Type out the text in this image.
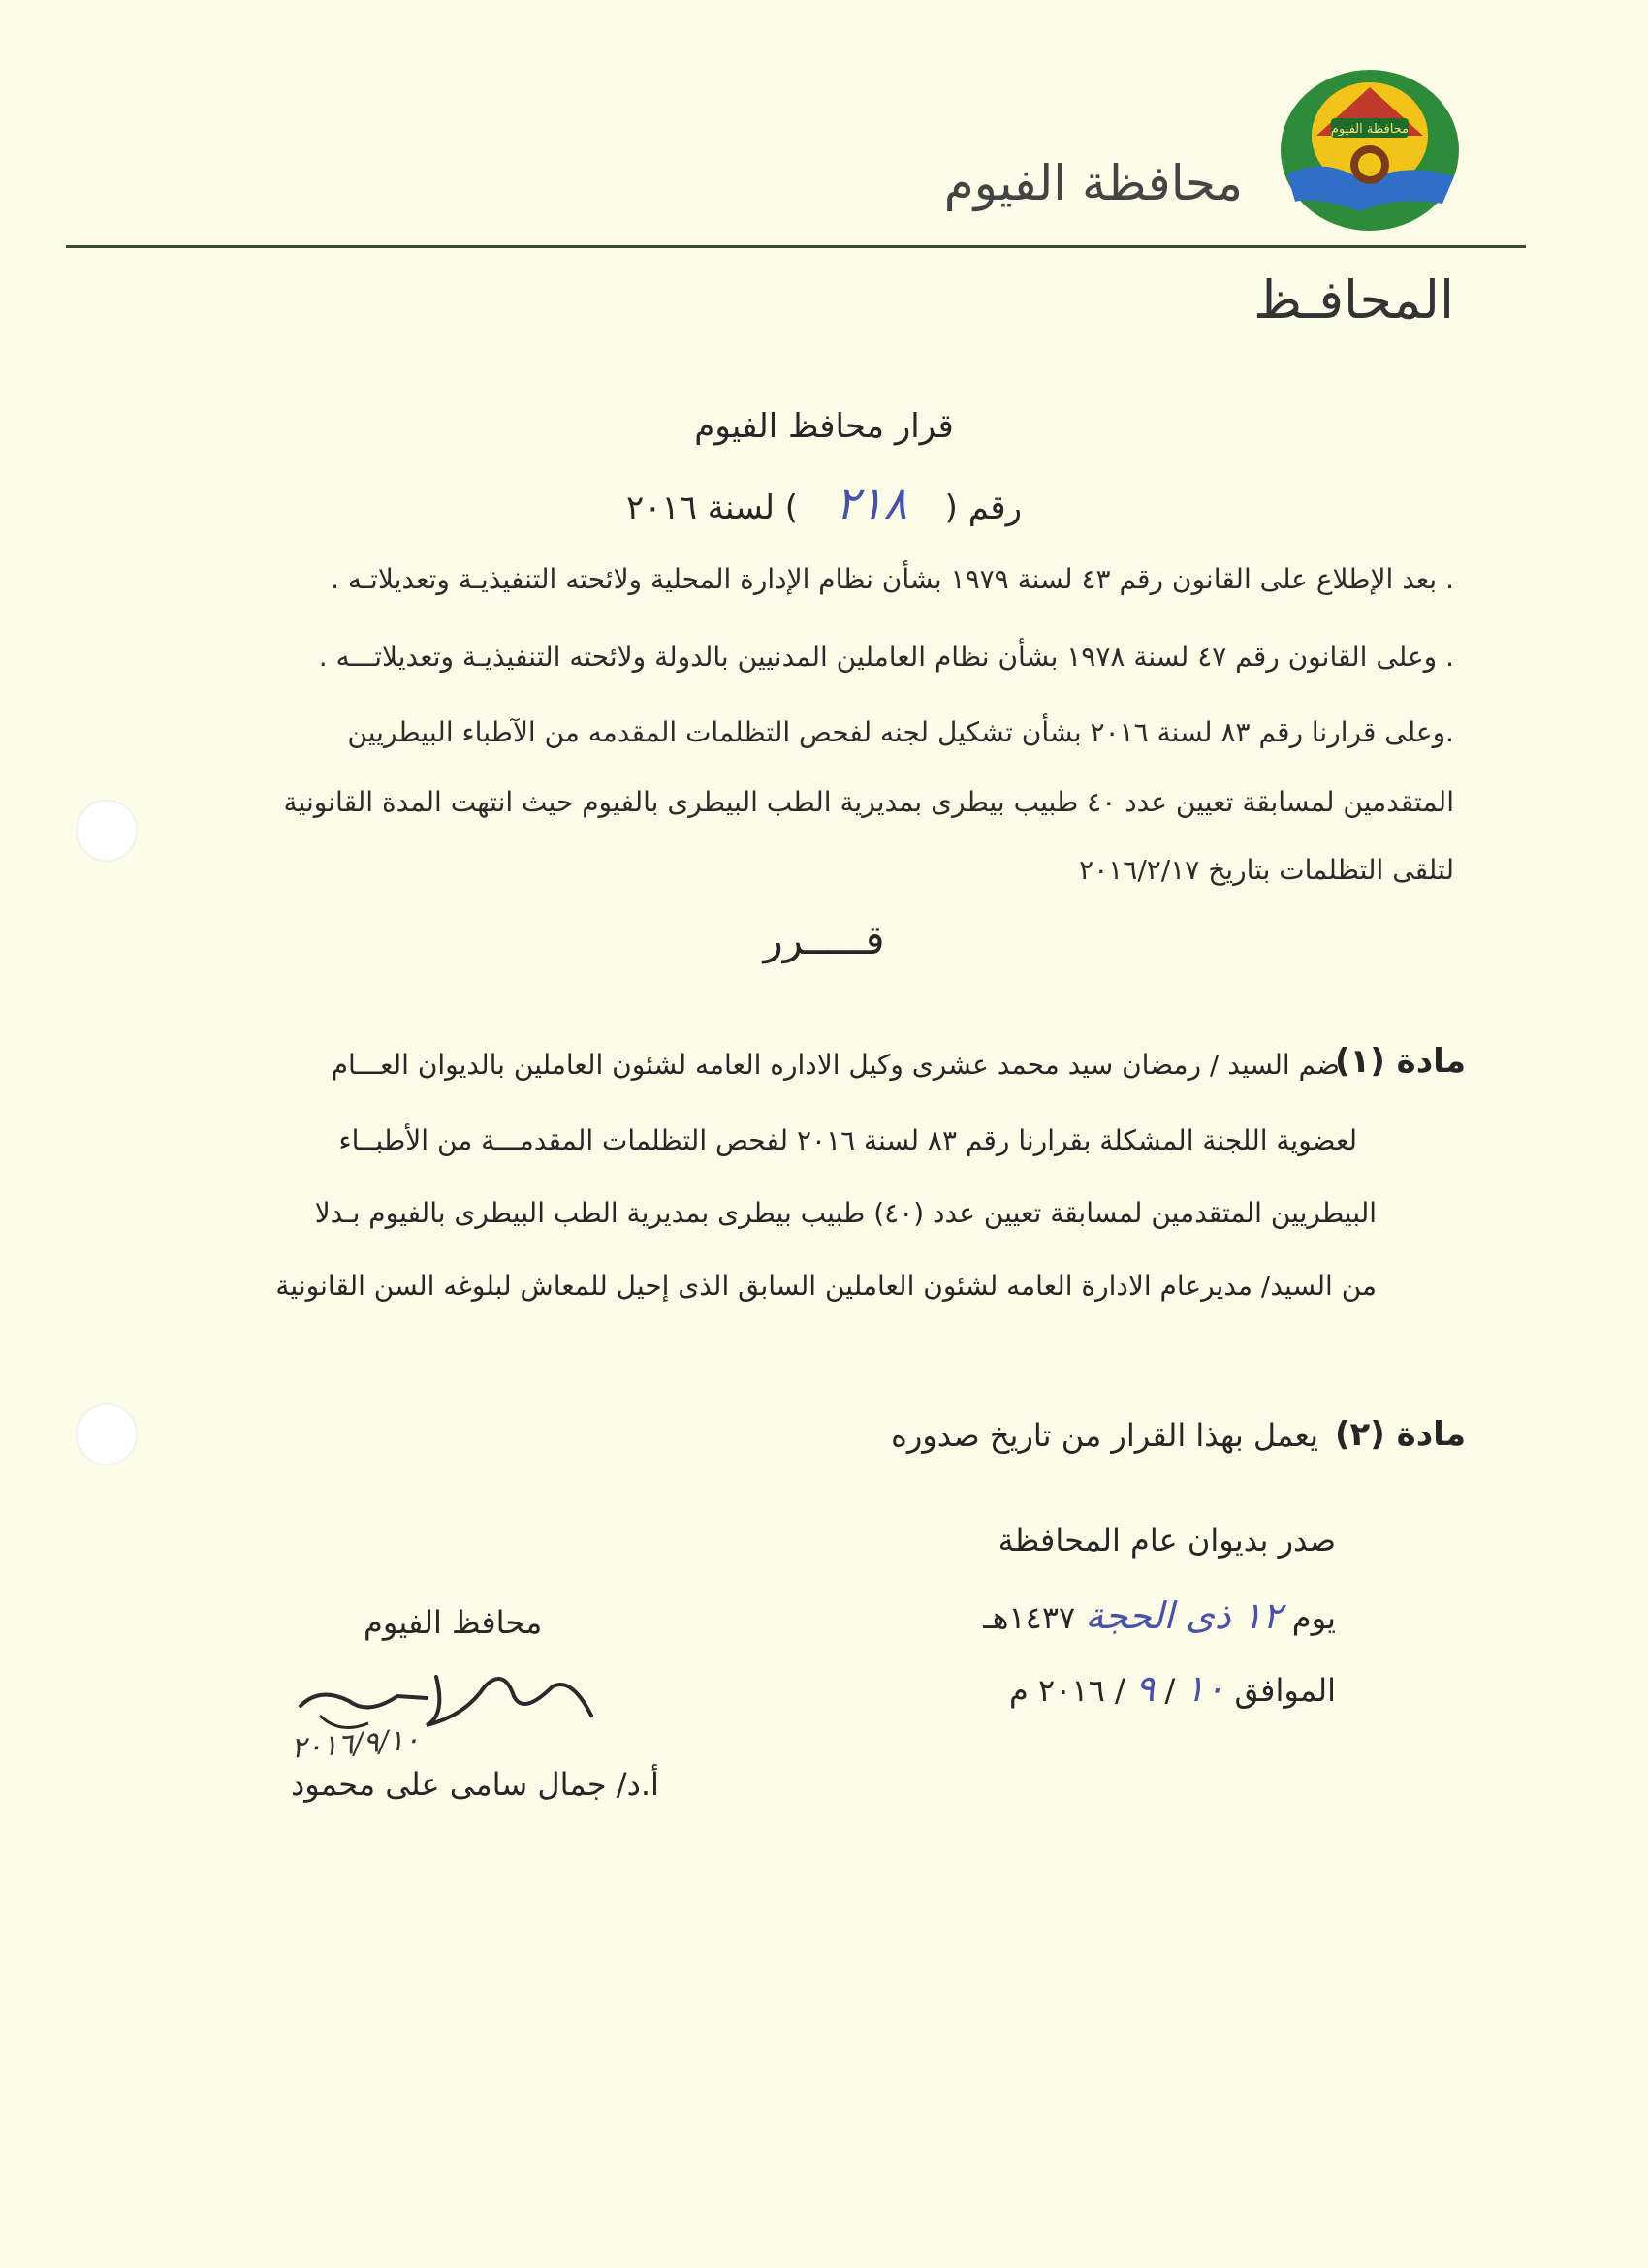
محافظة الفيوم
محافظة الفيوم
المحافـظ
قرار محافظ الفيوم
رقم ( ٢١٨ ) لسنة ٢٠١٦
. بعد الإطلاع على القانون رقم ٤٣ لسنة ١٩٧٩ بشأن نظام الإدارة المحلية ولائحته التنفيذيـة وتعديلاتـه .
. وعلى القانون رقم ٤٧ لسنة ١٩٧٨ بشأن نظام العاملين المدنيين بالدولة ولائحته التنفيذيـة وتعديلاتـــه .
.وعلى قرارنا رقم ٨٣ لسنة ٢٠١٦ بشأن تشكيل لجنه لفحص التظلمات المقدمه من الآطباء البيطريين
المتقدمين لمسابقة تعيين عدد ٤٠ طبيب بيطرى بمديرية الطب البيطرى بالفيوم حيث انتهت المدة القانونية
لتلقى التظلمات بتاريخ ٢٠١٦/٢/١٧
قـــــرر
مادة (١)
ضم السيد / رمضان سيد محمد عشرى وكيل الاداره العامه لشئون العاملين بالديوان العـــام
لعضوية اللجنة المشكلة بقرارنا رقم ٨٣ لسنة ٢٠١٦ لفحص التظلمات المقدمـــة من الأطبــاء
البيطريين المتقدمين لمسابقة تعيين عدد (٤٠) طبيب بيطرى بمديرية الطب البيطرى بالفيوم بـدلا
من السيد/ مديرعام الادارة العامه لشئون العاملين السابق الذى إحيل للمعاش لبلوغه السن القانونية
مادة (٢)
يعمل بهذا القرار من تاريخ صدوره
صدر بديوان عام المحافظة
يوم ١٢ ذى الحجة ١٤٣٧هـ
الموافق ١٠ / ٩ / ٢٠١٦ م
محافظ الفيوم
٢٠١٦/٩/١٠
أ.د/ جمال سامى على محمود
